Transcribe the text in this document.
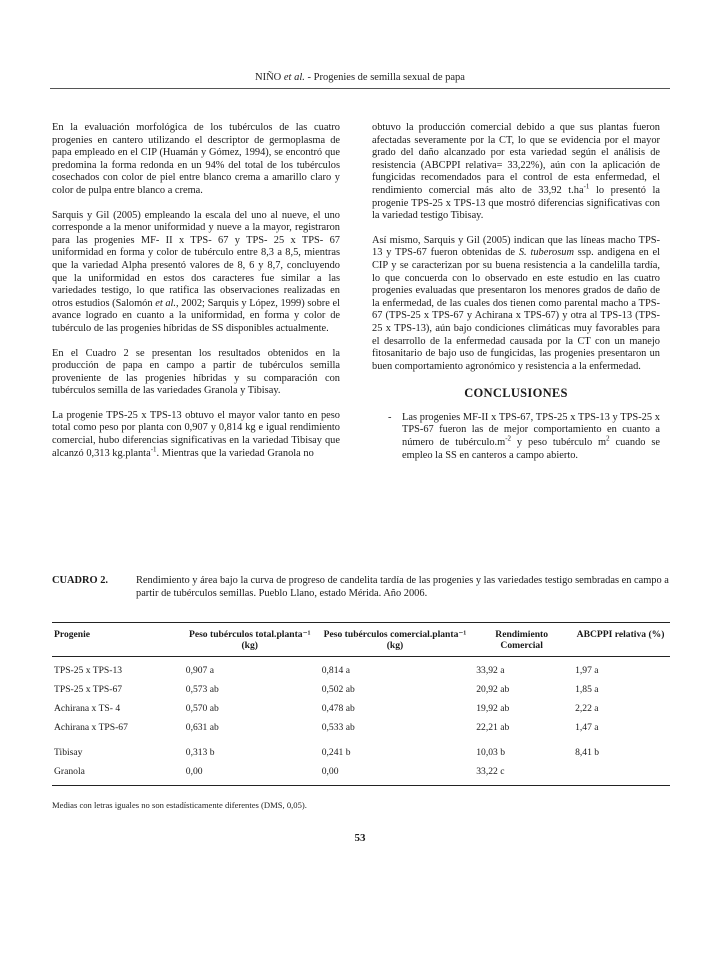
NIÑO et al. - Progenies de semilla sexual de papa

En la evaluación morfológica de los tubérculos de las cuatro progenies en cantero utilizando el descriptor de germoplasma de papa empleado en el CIP (Huamán y Gómez, 1994), se encontró que predomina la forma redonda en un 94% del total de los tubérculos cosechados con color de piel entre blanco crema a amarillo claro y color de pulpa entre blanco a crema.

Sarquis y Gil (2005) empleando la escala del uno al nueve, el uno corresponde a la menor uniformidad y nueve a la mayor, registraron para las progenies MF- II x TPS- 67 y TPS- 25 x TPS- 67 uniformidad en forma y color de tubérculo entre 8,3 a 8,5, mientras que la variedad Alpha presentó valores de 8, 6 y 8,7, concluyendo que la uniformidad en estos dos caracteres fue similar a las variedades testigo, lo que ratifica las observaciones realizadas en otros estudios (Salomón et al., 2002; Sarquis y López, 1999) sobre el avance logrado en cuanto a la uniformidad, en forma y color de tubérculo de las progenies híbridas de SS disponibles actualmente.

En el Cuadro 2 se presentan los resultados obtenidos en la producción de papa en campo a partir de tubérculos semilla proveniente de las progenies híbridas y su comparación con tubérculos semilla de las variedades Granola y Tibisay.

La progenie TPS-25 x TPS-13 obtuvo el mayor valor tanto en peso total como peso por planta con 0,907 y 0,814 kg e igual rendimiento comercial, hubo diferencias significativas en la variedad Tibisay que alcanzó 0,313 kg.planta$^{-1}$. Mientras que la variedad Granola no

obtuvo la producción comercial debido a que sus plantas fueron afectadas severamente por la CT, lo que se evidencia por el mayor grado del daño alcanzado por esta variedad según el análisis de resistencia (ABCPPI relativa= 33,22%), aún con la aplicación de fungicidas recomendados para el control de esta enfermedad, el rendimiento comercial más alto de 33,92 $t.ha^{-1}$ lo presentó la progenie TPS-25 x TPS-13 que mostró diferencias significativas con la variedad testigo Tibisay.

Así mismo, Sarquis y Gil (2005) indican que las líneas macho TPS-13 y TPS-67 fueron obtenidas de S. tuberosum ssp. andigena en el CIP y se caracterizan por su buena resistencia a la candelilla tardía, lo que concuerda con lo observado en este estudio en las cuatro progenies evaluadas que presentaron los menores grados de daño de la enfermedad, de las cuales dos tienen como parental macho a TPS-67 (TPS-25 x TPS-67 y Achirana x TPS-67) y otra al TPS-13 (TPS-25 x TPS-13), aún bajo condiciones climáticas muy favorables para el desarrollo de la enfermedad causada por la CT con un manejo fitosanitario de bajo uso de fungicidas, las progenies presentaron un buen comportamiento agronómico y resistencia a la enfermedad.

CONCLUSIONES
-	Las progenies MF-II x TPS-67, TPS-25 x TPS-13 y TPS-25 x TPS-67 fueron las de mejor comportamiento en cuanto a número de $tubérculo.m^{-2}$ y peso tubérculo $m^2$ cuando se empleo la SS en canteros a campo abierto.
CUADRO 2.	Rendimiento y área bajo la curva de progreso de candelita tardía de las progenies y las variedades testigo sembradas en campo a partir de tubérculos semillas. Pueblo Llano, estado Mérida. Año 2006.
Progenie	Peso tubérculos total.planta⁻¹ (kg)	Peso tubérculos comercial.planta⁻¹ (kg)	Rendimiento Comercial	ABCPPI relativa (%)
TPS-25 x TPS-13	0,907 a	0,814 a	33,92 a	1,97 a
TPS-25 x TPS-67	0,573 ab	0,502 ab	20,92 ab	1,85 a
Achirana x TS- 4	0,570 ab	0,478 ab	19,92 ab	2,22 a
Achirana x TPS-67	0,631 ab	0,533 ab	22,21 ab	1,47 a
Tibisay	0,313 b	0,241 b	10,03 b	8,41 b
Granola	0,00	0,00	33,22 c	
Medias con letras iguales no son estadísticamente diferentes (DMS, 0,05).
53
